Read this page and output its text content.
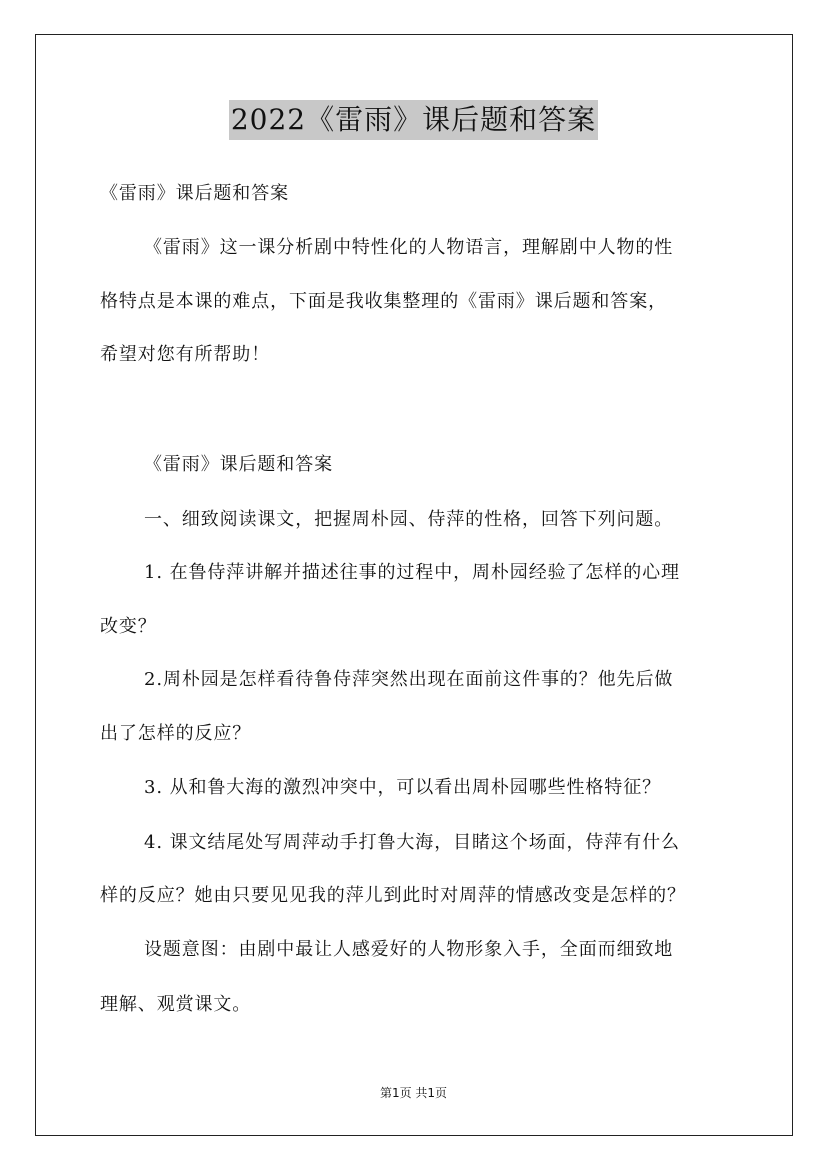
2022《雷雨》课后题和答案
《雷雨》课后题和答案
《雷雨》这一课分析剧中特性化的人物语言，理解剧中人物的性
格特点是本课的难点，下面是我收集整理的《雷雨》课后题和答案，
希望对您有所帮助！
《雷雨》课后题和答案
一、细致阅读课文，把握周朴园、侍萍的性格，回答下列问题。
1. 在鲁侍萍讲解并描述往事的过程中，周朴园经验了怎样的心理
改变？
2.周朴园是怎样看待鲁侍萍突然出现在面前这件事的？他先后做
出了怎样的反应？
3. 从和鲁大海的激烈冲突中，可以看出周朴园哪些性格特征？
4. 课文结尾处写周萍动手打鲁大海，目睹这个场面，侍萍有什么
样的反应？她由只要见见我的萍儿到此时对周萍的情感改变是怎样的？
设题意图：由剧中最让人感爱好的人物形象入手，全面而细致地
理解、观赏课文。
第1页 共1页
